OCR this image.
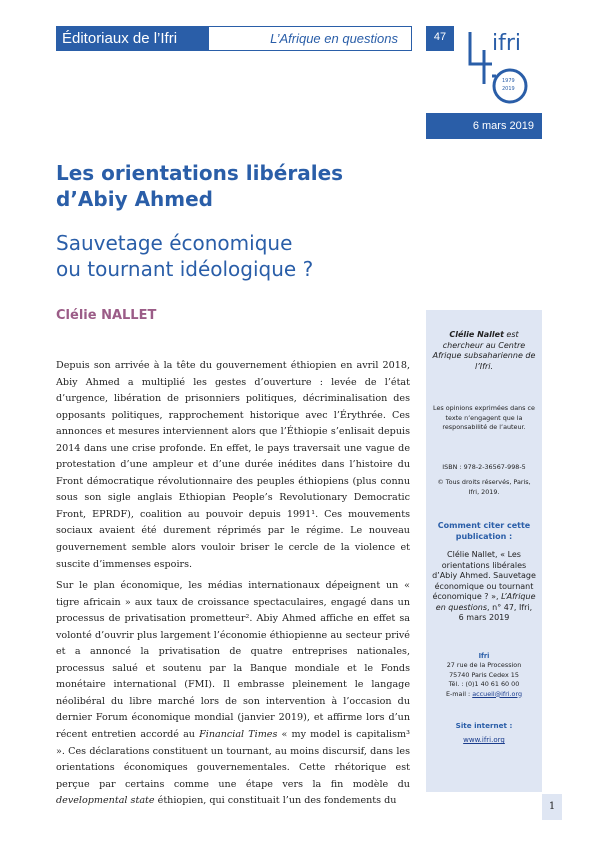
Éditoriaux de l’Ifri	L’Afrique en questions	47	ifri
1979
2019
6 mars 2019
Les orientations libérales
d’Abiy Ahmed
Sauvetage économique
ou tournant idéologique ?
Clélie NALLET

Depuis son arrivée à la tête du gouvernement éthiopien en avril 2018, Abiy Ahmed a multiplié les gestes d’ouverture : levée de l’état d’urgence, libération de prisonniers politiques, décriminalisation des opposants politiques, rapprochement historique avec l’Érythrée. Ces annonces et mesures interviennent alors que l’Éthiopie s’enlisait depuis 2014 dans une crise profonde. En effet, le pays traversait une vague de protestation d’une ampleur et d’une durée inédites dans l’histoire du Front démocratique révolutionnaire des peuples éthiopiens (plus connu sous son sigle anglais Ethiopian People’s Revolutionary Democratic Front, EPRDF), coalition au pouvoir depuis 1991¹. Ces mouvements sociaux avaient été durement réprimés par le régime. Le nouveau gouvernement semble alors vouloir briser le cercle de la violence et suscite d’immenses espoirs.

Sur le plan économique, les médias internationaux dépeignent un « tigre africain » aux taux de croissance spectaculaires, engagé dans un processus de privatisation prometteur². Abiy Ahmed affiche en effet sa volonté d’ouvrir plus largement l’économie éthiopienne au secteur privé et a annoncé la privatisation de quatre entreprises nationales, processus salué et soutenu par la Banque mondiale et le Fonds monétaire international (FMI). Il embrasse pleinement le langage néolibéral du libre marché lors de son intervention à l’occasion du dernier Forum économique mondial (janvier 2019), et affirme lors d’un récent entretien accordé au Financial Times « my model is capitalism³ ». Ces déclarations constituent un tournant, au moins discursif, dans les orientations économiques gouvernementales. Cette rhétorique est perçue par certains comme une étape vers la fin modèle du developmental state éthiopien, qui constituait l’un des fondements du

Clélie Nallet est chercheur au Centre Afrique subsaharienne de l’Ifri.
Les opinions exprimées dans ce texte n’engagent que la responsabilité de l’auteur.
ISBN : 978-2-36567-998-5
© Tous droits réservés, Paris, Ifri, 2019.
Comment citer cette publication :
Clélie Nallet, « Les orientations libérales d’Abiy Ahmed. Sauvetage économique ou tournant économique ? », L’Afrique en questions, n° 47, Ifri, 6 mars 2019
Ifri
27 rue de la Procession
75740 Paris Cedex 15
Tél. : (0)1 40 61 60 00
E-mail : accueil@ifri.org
Site internet :
www.ifri.org
1
